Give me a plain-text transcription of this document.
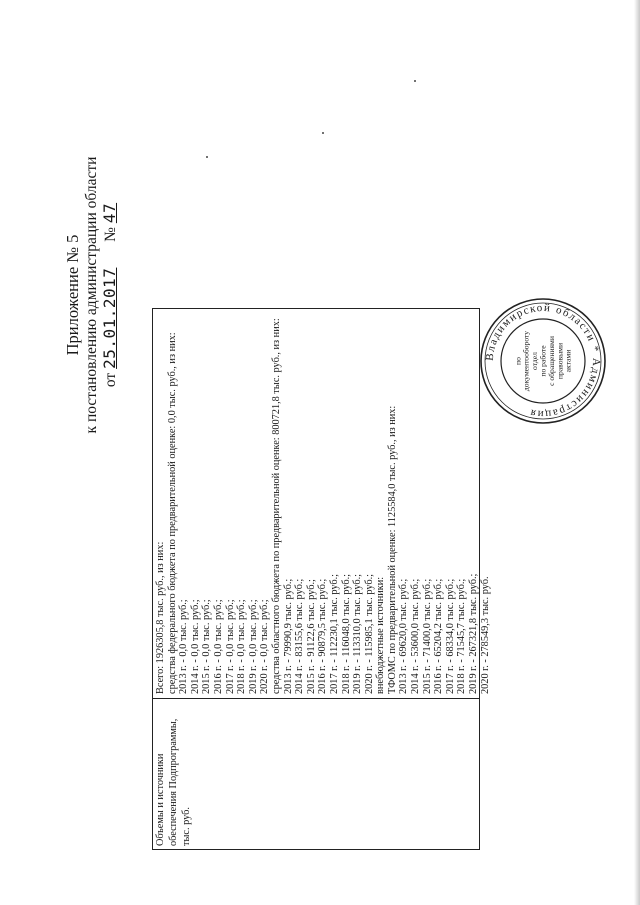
Приложение № 5 к постановлению администрации области от 25.01.2017  № 47
Объемы и источники обеспечения Подпрограммы, тыс. руб.
Всего: 1926305,8 тыс. руб., из них: средства федерального бюджета по предварительной оценке: 0,0 тыс. руб., из них: 2013 г. - 0,0 тыс. руб.; 2014 г. - 0,0 тыс. руб.; 2015 г. - 0,0 тыс. руб.; 2016 г. - 0,0 тыс. руб.; 2017 г. - 0,0 тыс. руб.; 2018 г. - 0,0 тыс. руб.; 2019 г. - 0,0 тыс. руб.; 2020 г. - 0,0 тыс. руб.; средства областного бюджета по предварительной оценке: 800721,8 тыс. руб., из них: 2013 г. - 79990,9 тыс. руб.; 2014 г. - 83155,6 тыс. руб.; 2015 г. - 91122,6 тыс. руб.; 2016 г. - 90879,5 тыс. руб.; 2017 г. - 112230,1 тыс. руб.; 2018 г. - 116048,0 тыс. руб.; 2019 г. - 113310,0 тыс. руб.; 2020 г. - 115985,1 тыс. руб.; внебюджетные источники: ТФОМС по предварительной оценке: 1125584,0 тыс. руб., из них: 2013 г. - 69620,0 тыс. руб.; 2014 г. - 53600,0 тыс. руб.; 2015 г. - 71400,0 тыс. руб.; 2016 г. - 65204,2 тыс. руб.; 2017 г. - 68334,0 тыс. руб.; 2018 г. - 71545,7 тыс. руб.; 2019 г. - 267321,8 тыс. руб.; 2020 г. - 278549,3 тыс. руб.
Владимирской области * Администрация
по документообороту отдел по работе с обращениями правовыми актами
